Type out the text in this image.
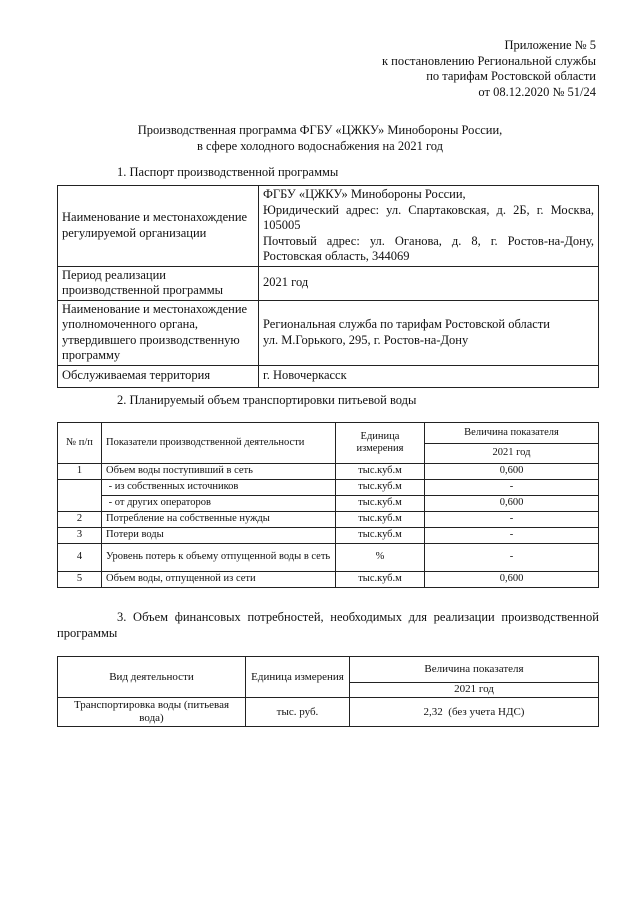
Приложение № 5
к постановлению Региональной службы
по тарифам Ростовской области
от 08.12.2020 № 51/24
Производственная программа ФГБУ «ЦЖКУ» Минобороны России,
в сфере холодного водоснабжения на 2021 год
1. Паспорт производственной программы
Наименование и местонахождение регулируемой организации	ФГБУ «ЦЖКУ» Минобороны России,
Юридический адрес: ул. Спартаковская, д. 2Б, г. Москва, 105005
Почтовый адрес: ул. Оганова, д. 8, г. Ростов-на-Дону, Ростовская область, 344069

Период реализации производственной программы	2021 год

Наименование и местонахождение уполномоченного органа, утвердившего производственную программу	Региональная служба по тарифам Ростовской области
ул. М.Горького, 295, г. Ростов-на-Дону

Обслуживаемая территория	г. Новочеркасск
2. Планируемый объем транспортировки питьевой воды
№ п/п	Показатели производственной деятельности	Единица измерения	Величина показателя
			2021 год
1	Объем воды поступивший в сеть	тыс.куб.м	0,600
	- из собственных источников	тыс.куб.м	-
	- от других операторов	тыс.куб.м	0,600
2	Потребление на собственные нужды	тыс.куб.м	-
3	Потери воды	тыс.куб.м	-
4	Уровень потерь к объему отпущенной воды в сеть	%	-
5	Объем воды, отпущенной из сети	тыс.куб.м	0,600
3. Объем финансовых потребностей, необходимых для реализации производственной программы
Вид деятельности	Единица измерения	Величина показателя
		2021 год
Транспортировка воды (питьевая вода)	тыс. руб.	2,32  (без учета НДС)
